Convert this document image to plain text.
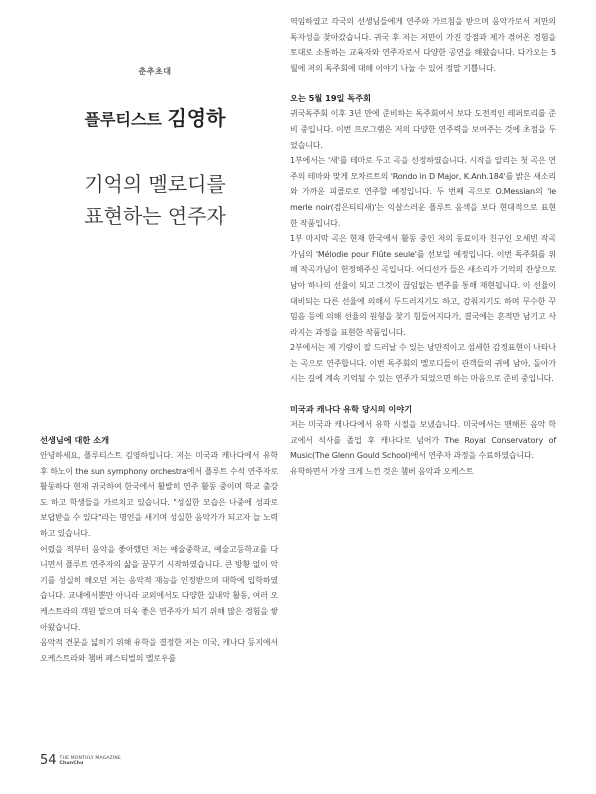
춘추초대
플루티스트 김영하
기억의 멜로디를
표현하는 연주자
선생님에 대한 소개

안녕하세요, 플루티스트 김영하입니다. 저는 미국과 캐나다에서 유학 후 하노이 the sun symphony orchestra에서 플루트 수석 연주자로 활동하다 현재 귀국하여 한국에서 활발히 연주 활동 중이며 학교 출강도 하고 학생들을 가르치고 있습니다. "성실한 모습은 나중에 성과로 보답받을 수 있다"라는 명언을 새기며 성실한 음악가가 되고자 늘 노력하고 있습니다.

어렸을 적부터 음악을 좋아했던 저는 예술중학교, 예술고등학교를 다니면서 플루트 연주자의 삶을 꿈꾸기 시작하였습니다. 큰 방황 없이 악기를 성실히 해오던 저는 음악적 재능을 인정받으며 대학에 입학하였습니다. 교내에서뿐만 아니라 교외에서도 다양한 실내악 활동, 여러 오케스트라의 객원 맡으며 더욱 좋은 연주자가 되기 위해 많은 경험을 쌓아왔습니다.

음악적 견문을 넓히기 위해 유학을 결정한 저는 미국, 캐나다 등지에서 오케스트라와 챔버 페스티벌의 멜로우를

역임하였고 각국의 선생님들에게 연주와 가르침을 받으며 음악가로서 저만의 독자성을 찾아갔습니다. 귀국 후 저는 저만이 가진 강점과 제가 겪어온 경험을 토대로 소통하는 교육자와 연주자로서 다양한 공연을 해왔습니다. 다가오는 5월에 저의 독주회에 대해 이야기 나눌 수 있어 정말 기쁩니다.

오는 5월 19일 독주회

귀국독주회 이후 3년 만에 준비하는 독주회여서 보다 도전적인 레퍼토리를 준비 중입니다. 이번 프로그램은 저의 다양한 연주력을 보여주는 것에 초점을 두었습니다.

1부에서는 '새'를 테마로 두고 곡을 선정하였습니다. 시작을 알리는 첫 곡은 연주의 테마와 맞게 모차르트의 'Rondo in D Major, K.Anh.184'를 밝은 새소리와 가까운 피콜로로 연주할 예정입니다. 두 번째 곡으로 O.Messian의 'le merle noir(검은티티새)'는 익살스러운 플루트 음색을 보다 현대적으로 표현한 작품입니다.

1부 마지막 곡은 현재 한국에서 활동 중인 저의 동료이자 친구인 오세빈 작곡가님의 'Mélodie pour Flûte seule'를 선보일 예정입니다. 이번 독주회를 위해 작곡가님이 헌정해주신 곡입니다. 어디선가 들은 새소리가 기억의 잔상으로 남아 하나의 선율이 되고 그것이 끊임없는 변주를 통해 재현됩니다. 이 선율이 대비되는 다른 선율에 의해서 두드러지기도 하고, 감춰지기도 하며 무수한 꾸밈음 등에 의해 선율의 원형을 찾기 힘들어지다가, 결국에는 흔적만 남기고 사라지는 과정을 표현한 작품입니다.

2부에서는 제 기량이 잘 드러날 수 있는 낭만적이고 섬세한 감정표현이 나타나는 곡으로 연주합니다. 이번 독주회의 멜로디들이 관객들의 귀에 남아, 돌아가시는 길에 계속 기억될 수 있는 연주가 되었으면 하는 마음으로 준비 중입니다.

미국과 캐나다 유학 당시의 이야기

저는 미국과 캐나다에서 유학 시절을 보냈습니다. 미국에서는 맨해튼 음악 학교에서 석사를 졸업 후 캐나다로 넘어가 The Royal Conservatory of Music(The Glenn Gould School)에서 연주자 과정을 수료하였습니다.

유학하면서 가장 크게 느낀 것은 챔버 음악과 오케스트

54 THE MONTHLY MAGAZINE
ChunChu
